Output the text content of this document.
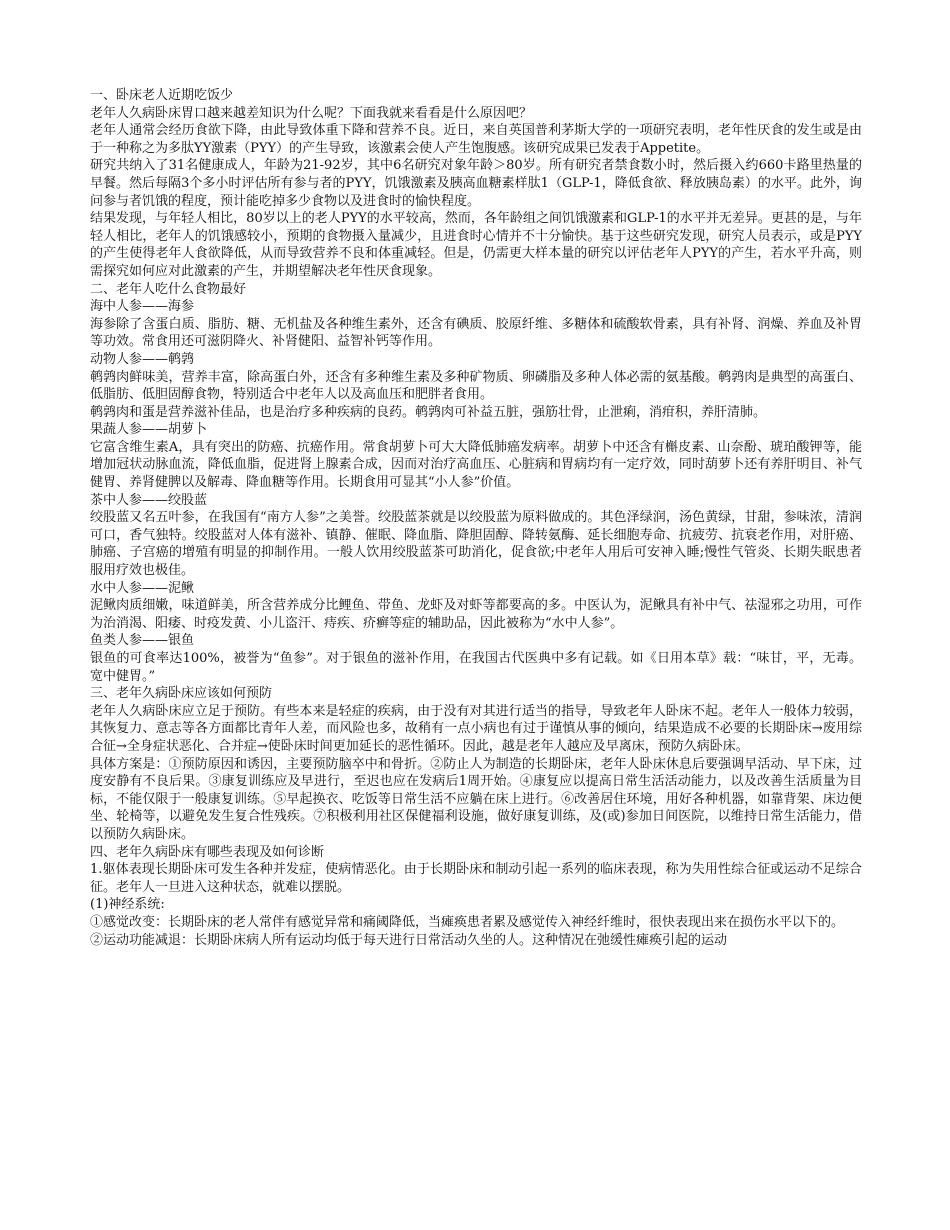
一、卧床老人近期吃饭少

老年人久病卧床胃口越来越差知识为什么呢？下面我就来看看是什么原因吧？

老年人通常会经历食欲下降，由此导致体重下降和营养不良。近日，来自英国普利茅斯大学的一项研究表明，老年性厌食的发生或是由于一种称之为多肽YY激素（PYY）的产生导致，该激素会使人产生饱腹感。该研究成果已发表于Appetite。

研究共纳入了31名健康成人，年龄为21-92岁，其中6名研究对象年龄＞80岁。所有研究者禁食数小时，然后摄入约660卡路里热量的早餐。然后每隔3个多小时评估所有参与者的PYY，饥饿激素及胰高血糖素样肽1（GLP-1，降低食欲、释放胰岛素）的水平。此外，询问参与者饥饿的程度，预计能吃掉多少食物以及进食时的愉快程度。

结果发现，与年轻人相比，80岁以上的老人PYY的水平较高，然而，各年龄组之间饥饿激素和GLP-1的水平并无差异。更甚的是，与年轻人相比，老年人的饥饿感较小，预期的食物摄入量减少，且进食时心情并不十分愉快。基于这些研究发现，研究人员表示，或是PYY的产生使得老年人食欲降低，从而导致营养不良和体重减轻。但是，仍需更大样本量的研究以评估老年人PYY的产生，若水平升高，则需探究如何应对此激素的产生，并期望解决老年性厌食现象。

二、老年人吃什么食物最好

海中人参——海参

海参除了含蛋白质、脂肪、糖、无机盐及各种维生素外，还含有碘质、胶原纤维、多糖体和硫酸软骨素，具有补肾、润燥、养血及补胃等功效。常食用还可滋阴降火、补肾健阳、益智补钙等作用。

动物人参——鹌鹑

鹌鹑肉鲜味美，营养丰富，除高蛋白外，还含有多种维生素及多种矿物质、卵磷脂及多种人体必需的氨基酸。鹌鹑肉是典型的高蛋白、低脂肪、低胆固醇食物，特别适合中老年人以及高血压和肥胖者食用。

鹌鹑肉和蛋是营养滋补佳品，也是治疗多种疾病的良药。鹌鹑肉可补益五脏，强筋壮骨，止泄痢，消疳积，养肝清肺。

果蔬人参——胡萝卜

它富含维生素A，具有突出的防癌、抗癌作用。常食胡萝卜可大大降低肺癌发病率。胡萝卜中还含有槲皮素、山奈酚、琥珀酸钾等，能增加冠状动脉血流，降低血脂，促进肾上腺素合成，因而对治疗高血压、心脏病和胃病均有一定疗效，同时葫萝卜还有养肝明目、补气健胃、养肾健脾以及解毒、降血糖等作用。长期食用可显其“小人参”价值。

茶中人参——绞股蓝

绞股蓝又名五叶参，在我国有“南方人参”之美誉。绞股蓝茶就是以绞股蓝为原料做成的。其色泽绿润，汤色黄绿，甘甜，参味浓，清润可口，香气独特。绞股蓝对人体有滋补、镇静、催眠、降血脂、降胆固醇、降转氨酶、延长细胞寿命、抗疲劳、抗衰老作用，对肝癌、肺癌、子宫癌的增殖有明显的抑制作用。一般人饮用绞股蓝茶可助消化，促食欲;中老年人用后可安神入睡;慢性气管炎、长期失眠患者服用疗效也极佳。

水中人参——泥鳅

泥鳅肉质细嫩，味道鲜美，所含营养成分比鲤鱼、带鱼、龙虾及对虾等都要高的多。中医认为，泥鳅具有补中气、祛湿邪之功用，可作为治消渴、阳痿、时疫发黄、小儿盗汗、痔疾、疥癣等症的辅助品，因此被称为“水中人参”。

鱼类人参——银鱼

银鱼的可食率达100%，被誉为“鱼参”。对于银鱼的滋补作用，在我国古代医典中多有记载。如《日用本草》载：“味甘，平，无毒。宽中健胃。”

三、老年久病卧床应该如何预防

老年人久病卧床应立足于预防。有些本来是轻症的疾病，由于没有对其进行适当的指导，导致老年人卧床不起。老年人一般体力较弱，其恢复力、意志等各方面都比青年人差，而风险也多，故稍有一点小病也有过于谨慎从事的倾向，结果造成不必要的长期卧床→废用综合征→全身症状恶化、合并症→使卧床时间更加延长的恶性循环。因此，越是老年人越应及早离床，预防久病卧床。

具体方案是：①预防原因和诱因，主要预防脑卒中和骨折。②防止人为制造的长期卧床，老年人卧床休息后要强调早活动、早下床，过度安静有不良后果。③康复训练应及早进行，至迟也应在发病后1周开始。④康复应以提高日常生活活动能力，以及改善生活质量为目标，不能仅限于一般康复训练。⑤早起换衣、吃饭等日常生活不应躺在床上进行。⑥改善居住环境，用好各种机器，如靠背架、床边便坐、轮椅等，以避免发生复合性残疾。⑦积极利用社区保健福利设施，做好康复训练，及(或)参加日间医院，以维持日常生活能力，借以预防久病卧床。

四、老年久病卧床有哪些表现及如何诊断

1.躯体表现长期卧床可发生各种并发症，使病情恶化。由于长期卧床和制动引起一系列的临床表现，称为失用性综合征或运动不足综合征。老年人一旦进入这种状态，就难以摆脱。

(1)神经系统:

①感觉改变：长期卧床的老人常伴有感觉异常和痛阈降低，当瘫痪患者累及感觉传入神经纤维时，很快表现出来在损伤水平以下的。

②运动功能减退：长期卧床病人所有运动均低于每天进行日常活动久坐的人。这种情况在弛缓性瘫痪引起的运动
